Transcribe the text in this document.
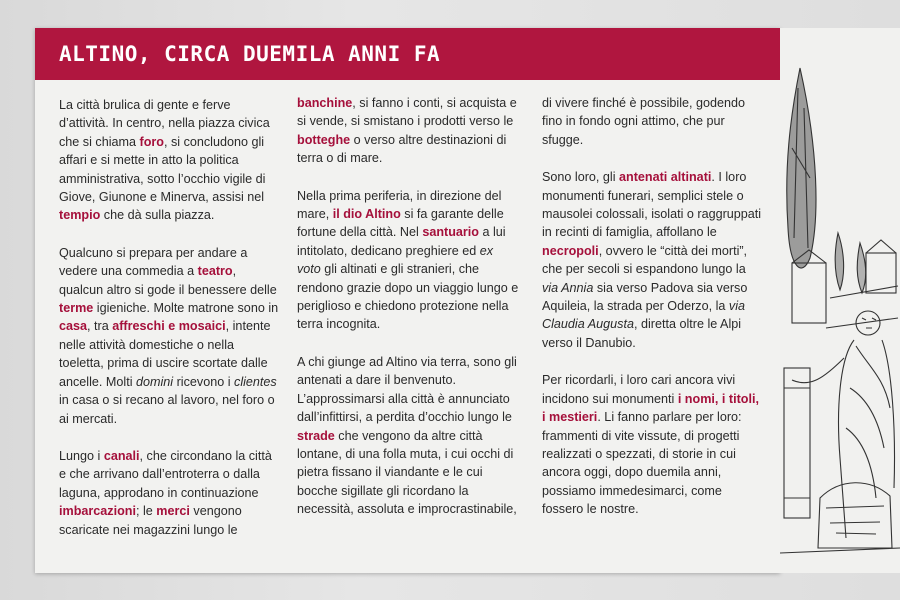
ALTINO, CIRCA DUEMILA ANNI FA

La città brulica di gente e ferve d’attività. In centro, nella piazza civica che si chiama foro, si concludono gli affari e si mette in atto la politica amministrativa, sotto l’occhio vigile di Giove, Giunone e Minerva, assisi nel tempio che dà sulla piazza.

Qualcuno si prepara per andare a vedere una commedia a teatro, qualcun altro si gode il benessere delle terme igieniche. Molte matrone sono in casa, tra affreschi e mosaici, intente nelle attività domestiche o nella toeletta, prima di uscire scortate dalle ancelle. Molti domini ricevono i clientes in casa o si recano al lavoro, nel foro o ai mercati.

Lungo i canali, che circondano la città e che arrivano dall’entroterra o dalla laguna, approdano in continuazione imbarcazioni; le merci vengono scaricate nei magazzini lungo le

banchine, si fanno i conti, si acquista e si vende, si smistano i prodotti verso le botteghe o verso altre destinazioni di terra o di mare.

Nella prima periferia, in direzione del mare, il dio Altino si fa garante delle fortune della città. Nel santuario a lui intitolato, dedicano preghiere ed ex voto gli altinati e gli stranieri, che rendono grazie dopo un viaggio lungo e periglioso e chiedono protezione nella terra incognita.

A chi giunge ad Altino via terra, sono gli antenati a dare il benvenuto. L’approssimarsi alla città è annunciato dall’infittirsi, a perdita d’occhio lungo le strade che vengono da altre città lontane, di una folla muta, i cui occhi di pietra fissano il viandante e le cui bocche sigillate gli ricordano la necessità, assoluta e improcrastinabile,

di vivere finché è possibile, godendo fino in fondo ogni attimo, che pur sfugge.

Sono loro, gli antenati altinati. I loro monumenti funerari, semplici stele o mausolei colossali, isolati o raggruppati in recinti di famiglia, affollano le necropoli, ovvero le “città dei morti”, che per secoli si espandono lungo la via Annia sia verso Padova sia verso Aquileia, la strada per Oderzo, la via Claudia Augusta, diretta oltre le Alpi verso il Danubio.

Per ricordarli, i loro cari ancora vivi incidono sui monumenti i nomi, i titoli, i mestieri. Li fanno parlare per loro: frammenti di vite vissute, di progetti realizzati o spezzati, di storie in cui ancora oggi, dopo duemila anni, possiamo immedesimarci, come fossero le nostre.
